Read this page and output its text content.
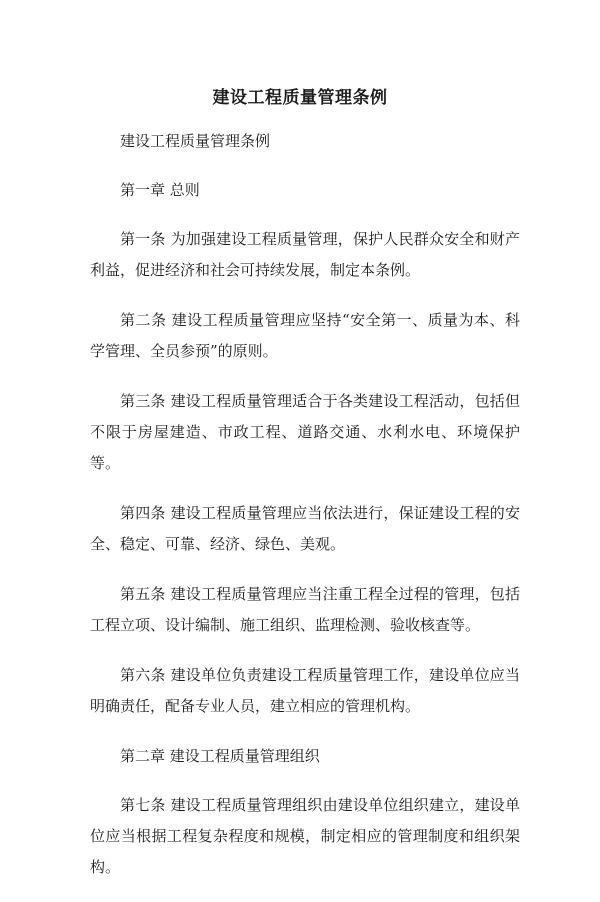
建设工程质量管理条例

建设工程质量管理条例

第一章 总则

第一条 为加强建设工程质量管理，保护人民群众安全和财产利益，促进经济和社会可持续发展，制定本条例。

第二条 建设工程质量管理应坚持“安全第一、质量为本、科学管理、全员参预”的原则。

第三条 建设工程质量管理适合于各类建设工程活动，包括但不限于房屋建造、市政工程、道路交通、水利水电、环境保护等。

第四条 建设工程质量管理应当依法进行，保证建设工程的安全、稳定、可靠、经济、绿色、美观。

第五条 建设工程质量管理应当注重工程全过程的管理，包括工程立项、设计编制、施工组织、监理检测、验收核查等。

第六条 建设单位负责建设工程质量管理工作，建设单位应当明确责任，配备专业人员，建立相应的管理机构。

第二章 建设工程质量管理组织

第七条 建设工程质量管理组织由建设单位组织建立，建设单位应当根据工程复杂程度和规模，制定相应的管理制度和组织架构。
